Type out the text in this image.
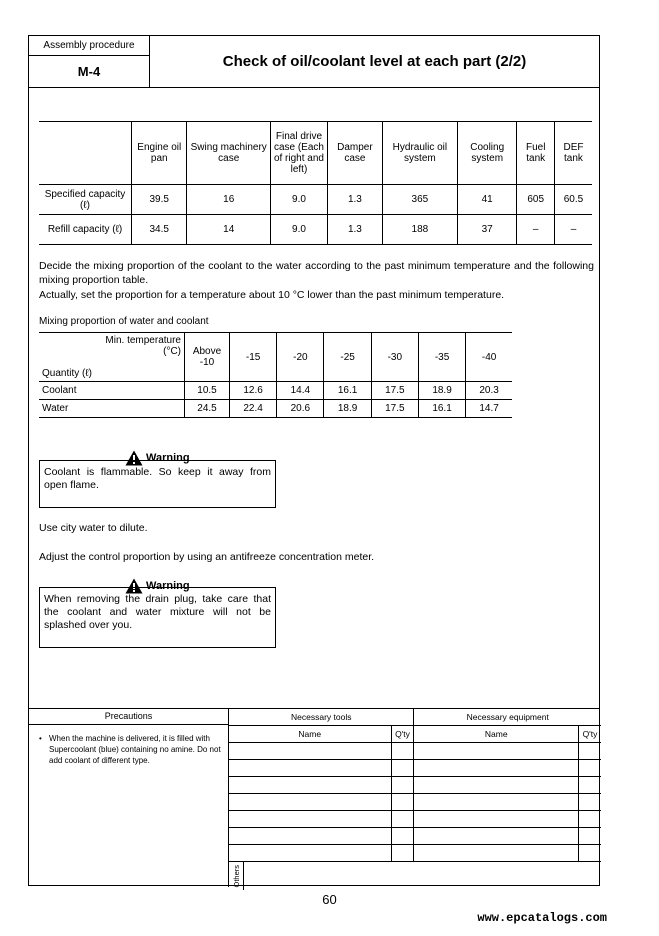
Assembly procedure
M-4
Check of oil/coolant level at each part (2/2)
	Engine oil pan	Swing machinery case	Final drive case (Each of right and left)	Damper case	Hydraulic oil system	Cooling system	Fuel tank	DEF tank
Specified capacity (ℓ)	39.5	16	9.0	1.3	365	41	605	60.5
Refill capacity (ℓ)	34.5	14	9.0	1.3	188	37	–	–
Decide the mixing proportion of the coolant to the water according to the past minimum temperature and the following mixing proportion table.
Actually, set the proportion for a temperature about 10 °C lower than the past minimum temperature.
Mixing proportion of water and coolant
Min. temperature (°C)
Quantity (ℓ)	Above -10	-15	-20	-25	-30	-35	-40
Coolant	10.5	12.6	14.4	16.1	17.5	18.9	20.3
Water	24.5	22.4	20.6	18.9	17.5	16.1	14.7
Warning
Coolant is flammable. So keep it away from open flame.
Use city water to dilute.
Adjust the control proportion by using an antifreeze concentration meter.
Warning
When removing the drain plug, take care that the coolant and water mixture will not be splashed over you.
Precautions
• When the machine is delivered, it is filled with Supercoolant (blue) containing no amine. Do not add coolant of different type.
Necessary tools		Necessary equipment	
Name	Q'ty	Name	Q'ty

Others			
60
www.epcatalogs.com
